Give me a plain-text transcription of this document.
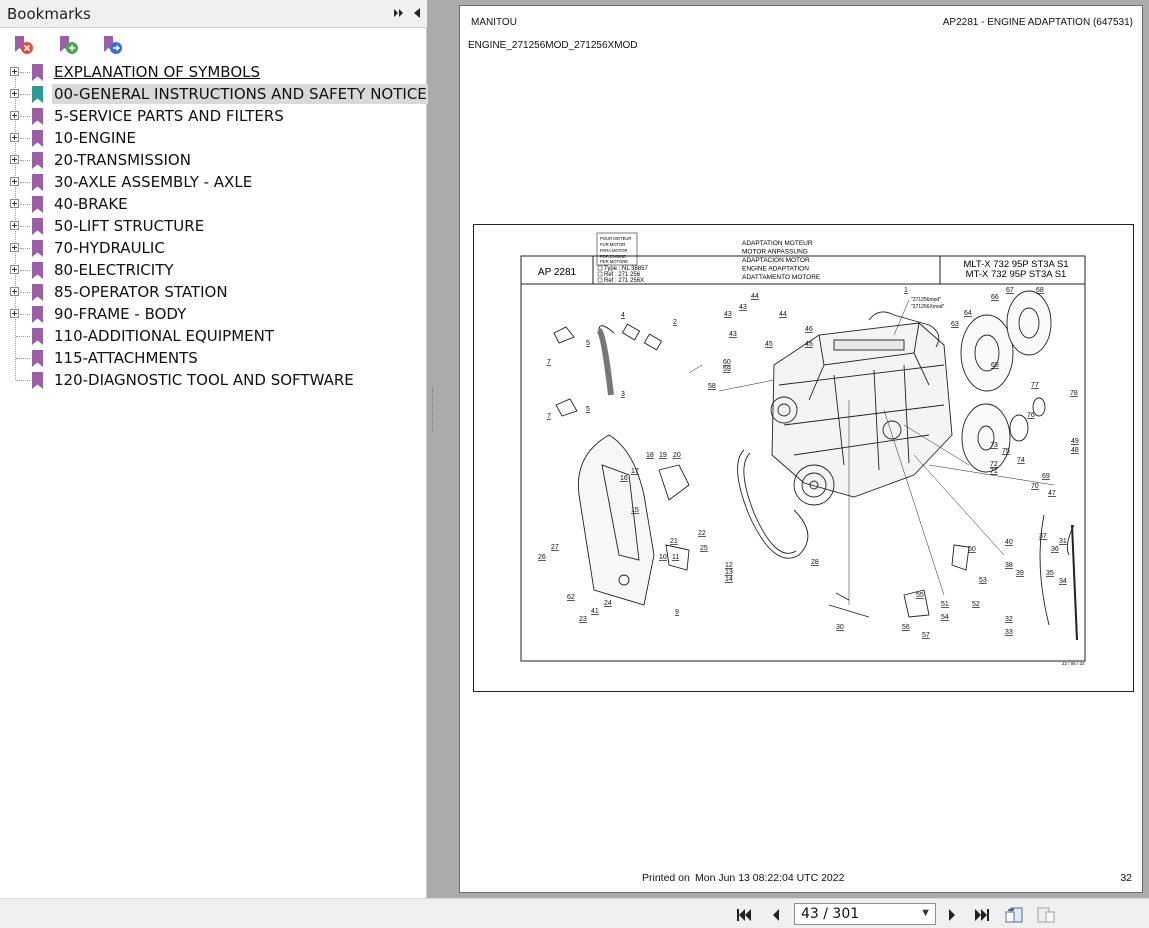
Bookmarks
EXPLANATION OF SYMBOLS
00-GENERAL INSTRUCTIONS AND SAFETY NOTICE
5-SERVICE PARTS AND FILTERS
10-ENGINE
20-TRANSMISSION
30-AXLE ASSEMBLY - AXLE
40-BRAKE
50-LIFT STRUCTURE
70-HYDRAULIC
80-ELECTRICITY
85-OPERATOR STATION
90-FRAME - BODY
110-ADDITIONAL EQUIPMENT
115-ATTACHMENTS
120-DIAGNOSTIC TOOL AND SOFTWARE
MANITOU	AP2281 - ENGINE ADAPTATION (647531)
ENGINE_271256MOD_271256XMOD
AP 2281
POUR MOTEUR
FUR MOTOR
PARA MOTOR
FOR ENGINE
PER MOTORE
Type : NL 38857
Ref : 271 256
Ref : 271 256X
ADAPTATION MOTEUR
MOTOR ANPASSUNG
ADAPTACION MOTOR
ENGINE ADAPTATION
ADATTAMENTO MOTORE
MLT-X 732 95P ST3A S1
MT-X 732 95P ST3A S1
1
2
3
4
5
5
7
7
9
10 11
12
13
14
15
16
17
18 19 20
21
22
23
24
25
26
27
28
30
31
32
33
34
35
36
37
38
39
40
41
43
43
43
44
44
45	45
46
47
48
49
50
51	52
53
54
55
56
57
58
59
60
62
63
64
65
66
67	68
69
70
71
72
73
74
75
76
77
78
"271256mod"
"271256Xmod"
22 / 06 / 22
Printed on Mon Jun 13 08:22:04 UTC 2022	32
43 / 301	▼
